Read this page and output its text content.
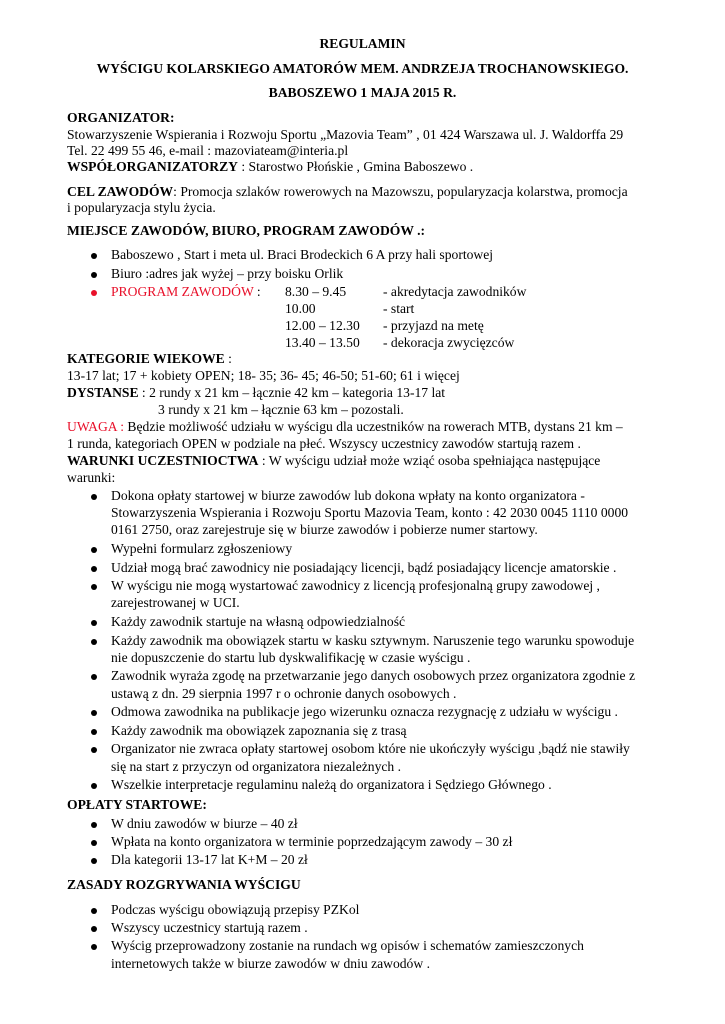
REGULAMIN
WYŚCIGU KOLARSKIEGO AMATORÓW MEM. ANDRZEJA TROCHANOWSKIEGO.
BABOSZEWO 1 MAJA 2015 R.
ORGANIZATOR:
Stowarzyszenie Wspierania i Rozwoju Sportu „Mazovia Team” , 01 424 Warszawa ul. J. Waldorffa 29
Tel. 22 499 55 46, e-mail : mazoviateam@interia.pl
WSPÓŁORGANIZATORZY : Starostwo Płońskie , Gmina Baboszewo .
CEL ZAWODÓW: Promocja szlaków rowerowych na Mazowszu, popularyzacja kolarstwa, promocja
i popularyzacja stylu życia.
MIEJSCE ZAWODÓW, BIURO, PROGRAM ZAWODÓW .:
Baboszewo , Start i meta ul. Braci Brodeckich 6 A przy hali sportowej
Biuro :adres jak wyżej – przy boisku Orlik
PROGRAM ZAWODÓW : 8.30 – 9.45	- akredytacja zawodników
10.00	- start
12.00 – 12.30 - przyjazd na metę
13.40 – 13.50 - dekoracja zwycięzców
KATEGORIE WIEKOWE :
13-17 lat; 17 + kobiety OPEN; 18- 35; 36- 45; 46-50; 51-60; 61 i więcej
DYSTANSE : 2 rundy x 21 km – łącznie 42 km – kategoria 13-17 lat
3 rundy x 21 km – łącznie 63 km – pozostali.
UWAGA : Będzie możliwość udziału w wyścigu dla uczestników na rowerach MTB, dystans 21 km –
1 runda, kategoriach OPEN w podziale na płeć. Wszyscy uczestnicy zawodów startują razem .
WARUNKI UCZESTNIOCTWA : W wyścigu udział może wziąć osoba spełniająca następujące
warunki:
Dokona opłaty startowej w biurze zawodów lub dokona wpłaty na konto organizatora -
Stowarzyszenia Wspierania i Rozwoju Sportu Mazovia Team, konto : 42 2030 0045 1110 0000
0161 2750, oraz zarejestruje się w biurze zawodów i pobierze numer startowy.
Wypełni formularz zgłoszeniowy
Udział mogą brać zawodnicy nie posiadający licencji, bądź posiadający licencje amatorskie .
W wyścigu nie mogą wystartować zawodnicy z licencją profesjonalną grupy zawodowej ,
zarejestrowanej w UCI.
Każdy zawodnik startuje na własną odpowiedzialność
Każdy zawodnik ma obowiązek startu w kasku sztywnym. Naruszenie tego warunku spowoduje
nie dopuszczenie do startu lub dyskwalifikację w czasie wyścigu .
Zawodnik wyraża zgodę na przetwarzanie jego danych osobowych przez organizatora zgodnie z
ustawą z dn. 29 sierpnia 1997 r o ochronie danych osobowych .
Odmowa zawodnika na publikacje jego wizerunku oznacza rezygnację z udziału w wyścigu .
Każdy zawodnik ma obowiązek zapoznania się z trasą
Organizator nie zwraca opłaty startowej osobom które nie ukończyły wyścigu ,bądź nie stawiły
się na start z przyczyn od organizatora niezależnych .
Wszelkie interpretacje regulaminu należą do organizatora i Sędziego Głównego .
OPŁATY STARTOWE:
W dniu zawodów w biurze – 40 zł
Wpłata na konto organizatora w terminie poprzedzającym zawody – 30 zł
Dla kategorii 13-17 lat K+M – 20 zł
ZASADY ROZGRYWANIA WYŚCIGU
Podczas wyścigu obowiązują przepisy PZKol
Wszyscy uczestnicy startują razem .
Wyścig przeprowadzony zostanie na rundach wg opisów i schematów zamieszczonych
internetowych także w biurze zawodów w dniu zawodów .
